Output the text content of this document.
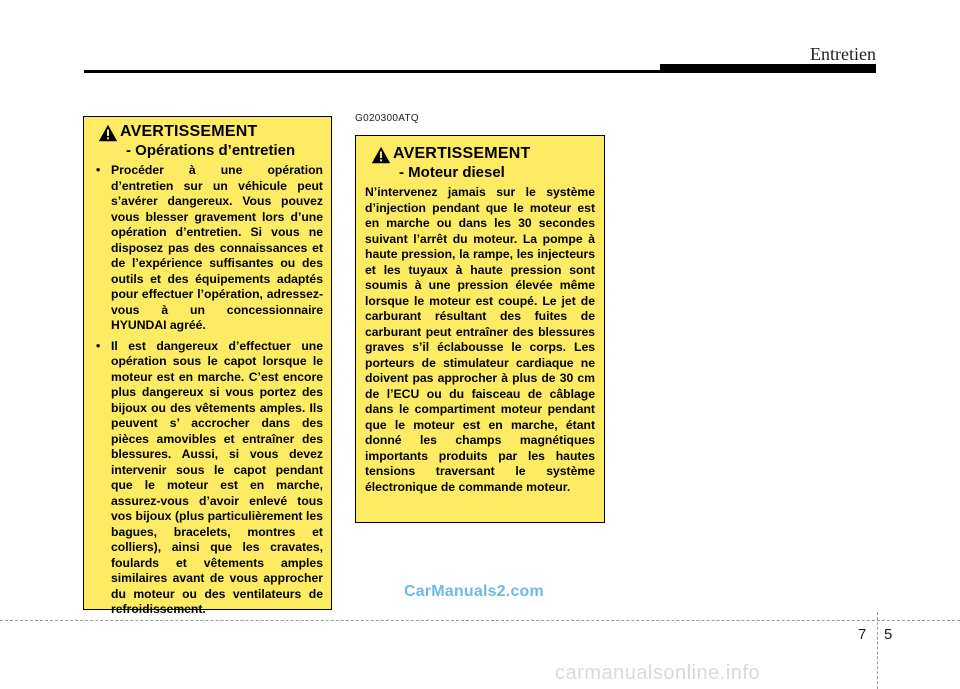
Entretien
AVERTISSEMENT
- Opérations d’entretien
• Procéder à une opération d’entretien sur un véhicule peut s’avérer dangereux. Vous pouvez vous blesser gravement lors d’une opération d’entretien. Si vous ne disposez pas des connaissances et de l’expérience suffisantes ou des outils et des équipements adaptés pour effectuer l’opération, adressez-vous à un concessionnaire HYUNDAI agréé.
• Il est dangereux d’effectuer une opération sous le capot lorsque le moteur est en marche. C’est encore plus dangereux si vous portez des bijoux ou des vêtements amples. Ils peuvent s’ accrocher dans des pièces amovibles et entraîner des blessures. Aussi, si vous devez intervenir sous le capot pendant que le moteur est en marche, assurez-vous d’avoir enlevé tous vos bijoux (plus particulièrement les bagues, bracelets, montres et colliers), ainsi que les cravates, foulards et vêtements amples similaires avant de vous approcher du moteur ou des ventilateurs de refroidissement.
G020300ATQ
AVERTISSEMENT
- Moteur diesel
N’intervenez jamais sur le système d’injection pendant que le moteur est en marche ou dans les 30 secondes suivant l’arrêt du moteur. La pompe à haute pression, la rampe, les injecteurs et les tuyaux à haute pression sont soumis à une pression élevée même lorsque le moteur est coupé. Le jet de carburant résultant des fuites de carburant peut entraîner des blessures graves s’il éclabousse le corps. Les porteurs de stimulateur cardiaque ne doivent pas approcher à plus de 30 cm de l’ECU ou du faisceau de câblage dans le compartiment moteur pendant que le moteur est en marche, étant donné les champs magnétiques importants produits par les hautes tensions traversant le système électronique de commande moteur.
CarManuals2.com
7 5
carmanualsonline.info
